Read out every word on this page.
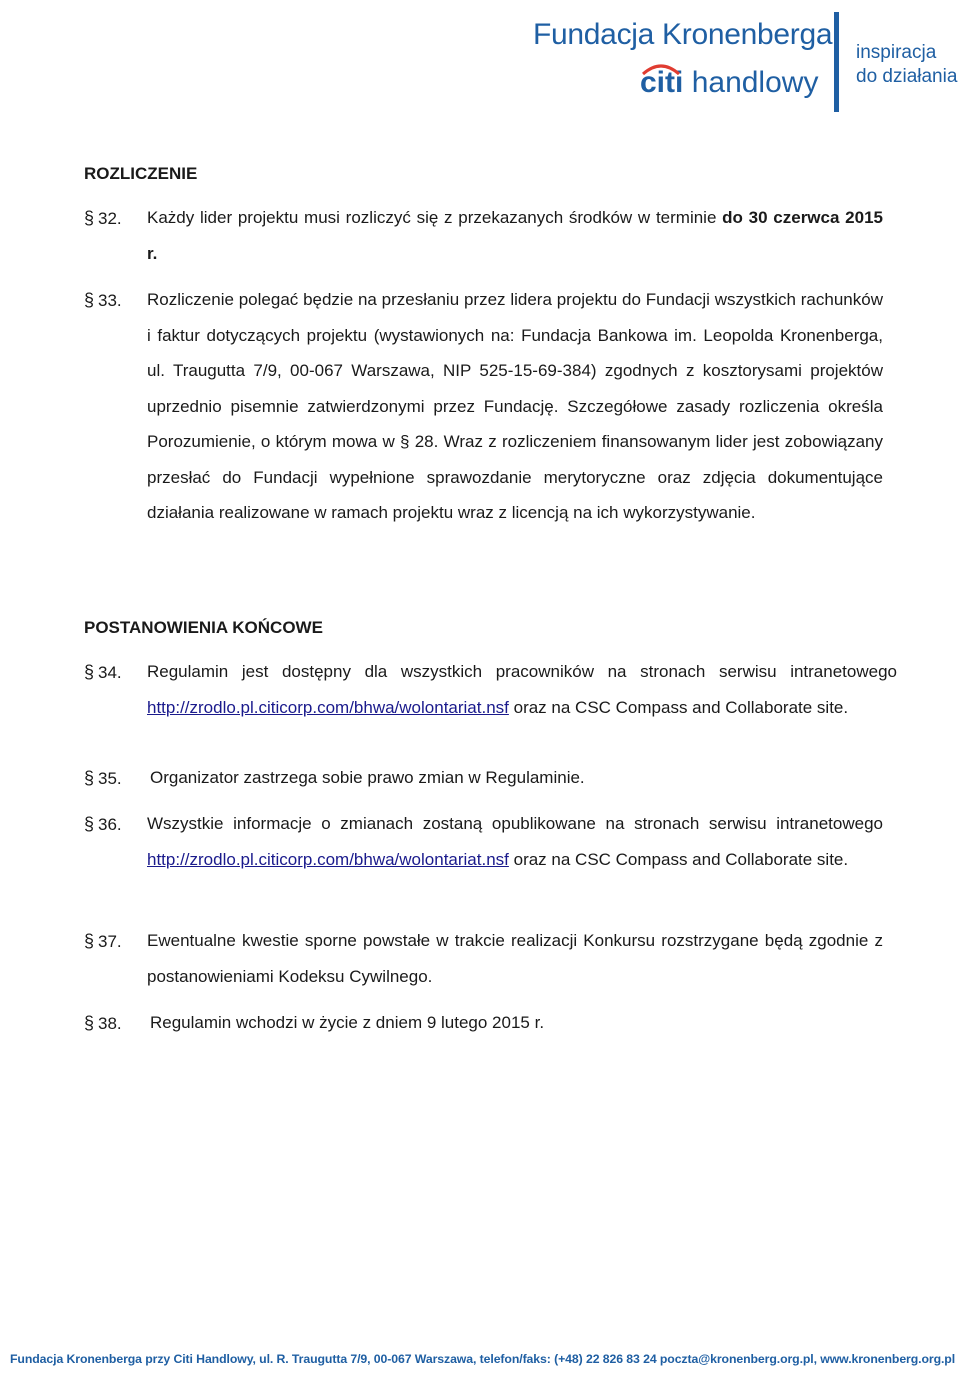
Fundacja Kronenberga
citi handlowy
inspiracja
do działania
ROZLICZENIE
§ 32. Każdy lider projektu musi rozliczyć się z przekazanych środków w terminie do 30 czerwca 2015 r.
§ 33. Rozliczenie polegać będzie na przesłaniu przez lidera projektu do Fundacji wszystkich rachunków i faktur dotyczących projektu (wystawionych na: Fundacja Bankowa im. Leopolda Kronenberga, ul. Traugutta 7/9, 00-067 Warszawa, NIP 525-15-69-384) zgodnych z kosztorysami projektów uprzednio pisemnie zatwierdzonymi przez Fundację. Szczegółowe zasady rozliczenia określa Porozumienie, o którym mowa w § 28. Wraz z rozliczeniem finansowanym lider jest zobowiązany przesłać do Fundacji wypełnione sprawozdanie merytoryczne oraz zdjęcia dokumentujące działania realizowane w ramach projektu wraz z licencją na ich wykorzystywanie.
POSTANOWIENIA KOŃCOWE
§ 34. Regulamin jest dostępny dla wszystkich pracowników na stronach serwisu intranetowego http://zrodlo.pl.citicorp.com/bhwa/wolontariat.nsf oraz na CSC Compass and Collaborate site.
§ 35. Organizator zastrzega sobie prawo zmian w Regulaminie.
§ 36. Wszystkie informacje o zmianach zostaną opublikowane na stronach serwisu intranetowego http://zrodlo.pl.citicorp.com/bhwa/wolontariat.nsf oraz na CSC Compass and Collaborate site.
§ 37. Ewentualne kwestie sporne powstałe w trakcie realizacji Konkursu rozstrzygane będą zgodnie z postanowieniami Kodeksu Cywilnego.
§ 38. Regulamin wchodzi w życie z dniem 9 lutego 2015 r.
Fundacja Kronenberga przy Citi Handlowy, ul. R. Traugutta 7/9, 00-067 Warszawa, telefon/faks: (+48) 22 826 83 24 poczta@kronenberg.org.pl, www.kronenberg.org.pl
